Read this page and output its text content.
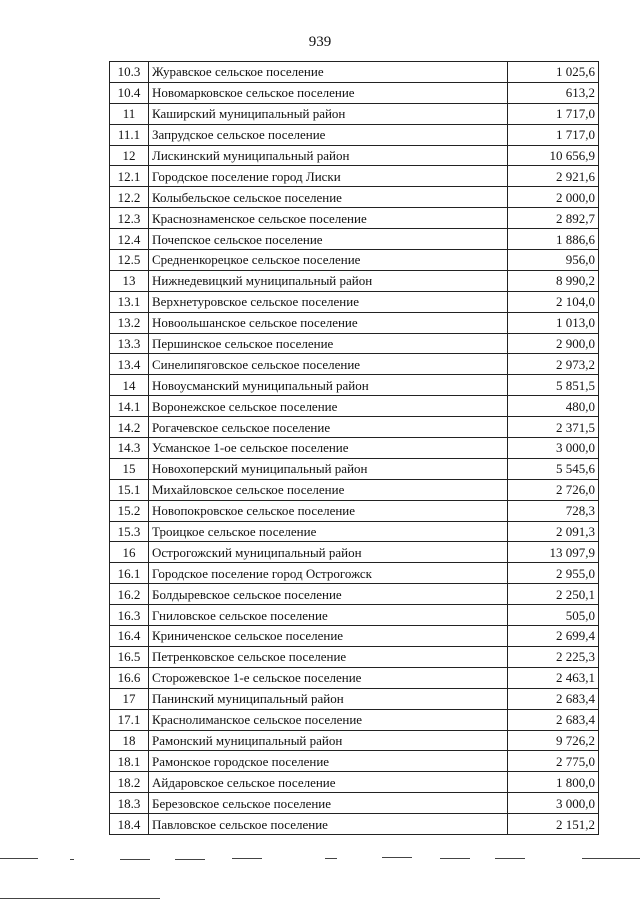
939
10.3	Журавское сельское поселение	1 025,6
10.4	Новомарковское сельское поселение	613,2
11	Каширский муниципальный район	1 717,0
11.1	Запрудское сельское поселение	1 717,0
12	Лискинский муниципальный район	10 656,9
12.1	Городское поселение город Лиски	2 921,6
12.2	Колыбельское сельское поселение	2 000,0
12.3	Краснознаменское сельское поселение	2 892,7
12.4	Почепское сельское поселение	1 886,6
12.5	Средненкорецкое сельское поселение	956,0
13	Нижнедевицкий муниципальный район	8 990,2
13.1	Верхнетуровское сельское поселение	2 104,0
13.2	Новоольшанское сельское поселение	1 013,0
13.3	Першинское сельское поселение	2 900,0
13.4	Синелипяговское сельское поселение	2 973,2
14	Новоусманский муниципальный район	5 851,5
14.1	Воронежское сельское поселение	480,0
14.2	Рогачевское сельское поселение	2 371,5
14.3	Усманское 1-ое сельское поселение	3 000,0
15	Новохоперский муниципальный район	5 545,6
15.1	Михайловское сельское поселение	2 726,0
15.2	Новопокровское сельское поселение	728,3
15.3	Троицкое сельское поселение	2 091,3
16	Острогожский муниципальный район	13 097,9
16.1	Городское поселение город Острогожск	2 955,0
16.2	Болдыревское сельское поселение	2 250,1
16.3	Гниловское сельское поселение	505,0
16.4	Криниченское сельское поселение	2 699,4
16.5	Петренковское сельское поселение	2 225,3
16.6	Сторожевское 1-е сельское поселение	2 463,1
17	Панинский муниципальный район	2 683,4
17.1	Краснолиманское сельское поселение	2 683,4
18	Рамонский муниципальный район	9 726,2
18.1	Рамонское городское поселение	2 775,0
18.2	Айдаровское сельское поселение	1 800,0
18.3	Березовское сельское поселение	3 000,0
18.4	Павловское сельское поселение	2 151,2
